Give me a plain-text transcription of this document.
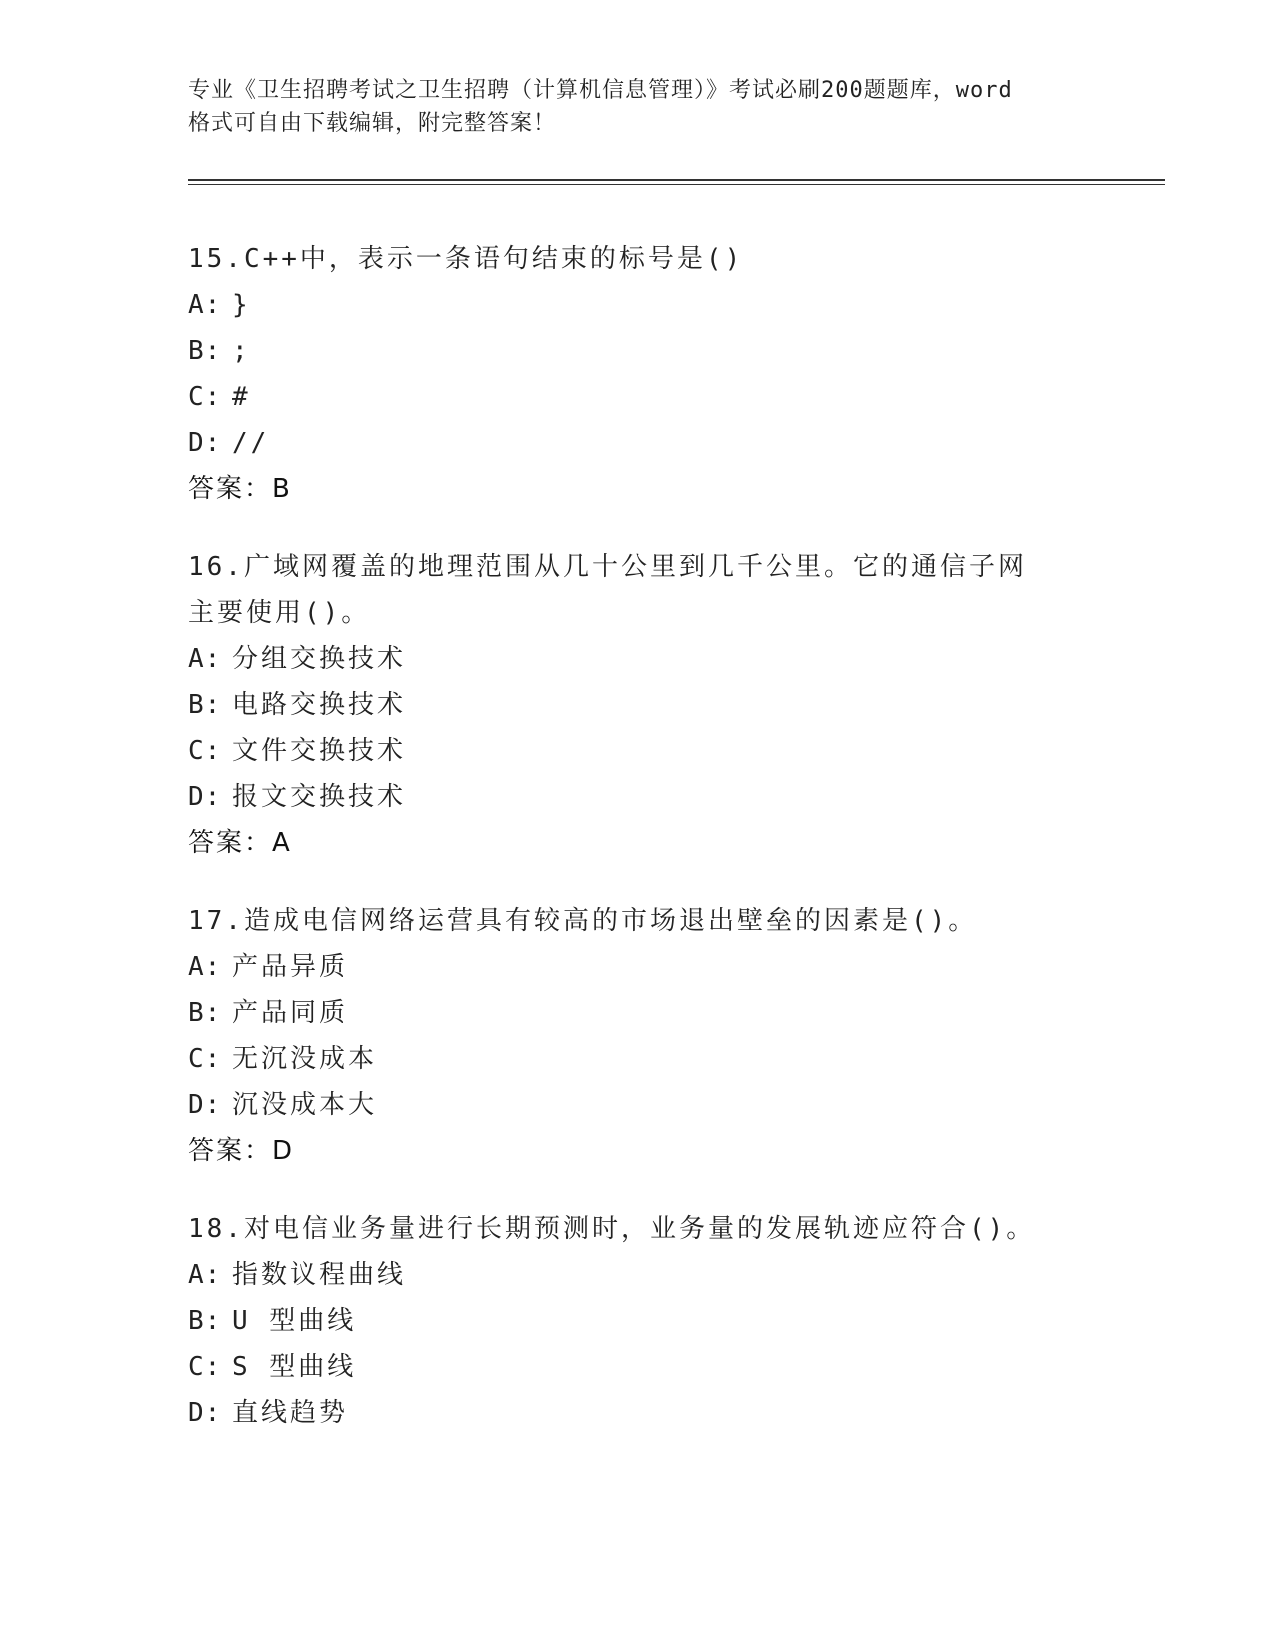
专业《卫生招聘考试之卫生招聘（计算机信息管理）》考试必刷200题题库，word
格式可自由下载编辑，附完整答案！
15.C++中，表示一条语句结束的标号是()
A: }
B: ;
C: #
D: //
答案：B
16.广域网覆盖的地理范围从几十公里到几千公里。它的通信子网主要使用()。
A: 分组交换技术
B: 电路交换技术
C: 文件交换技术
D: 报文交换技术
答案：A
17.造成电信网络运营具有较高的市场退出壁垒的因素是()。
A: 产品异质
B: 产品同质
C: 无沉没成本
D: 沉没成本大
答案：D
18.对电信业务量进行长期预测时，业务量的发展轨迹应符合()。
A: 指数议程曲线
B: U 型曲线
C: S 型曲线
D: 直线趋势
